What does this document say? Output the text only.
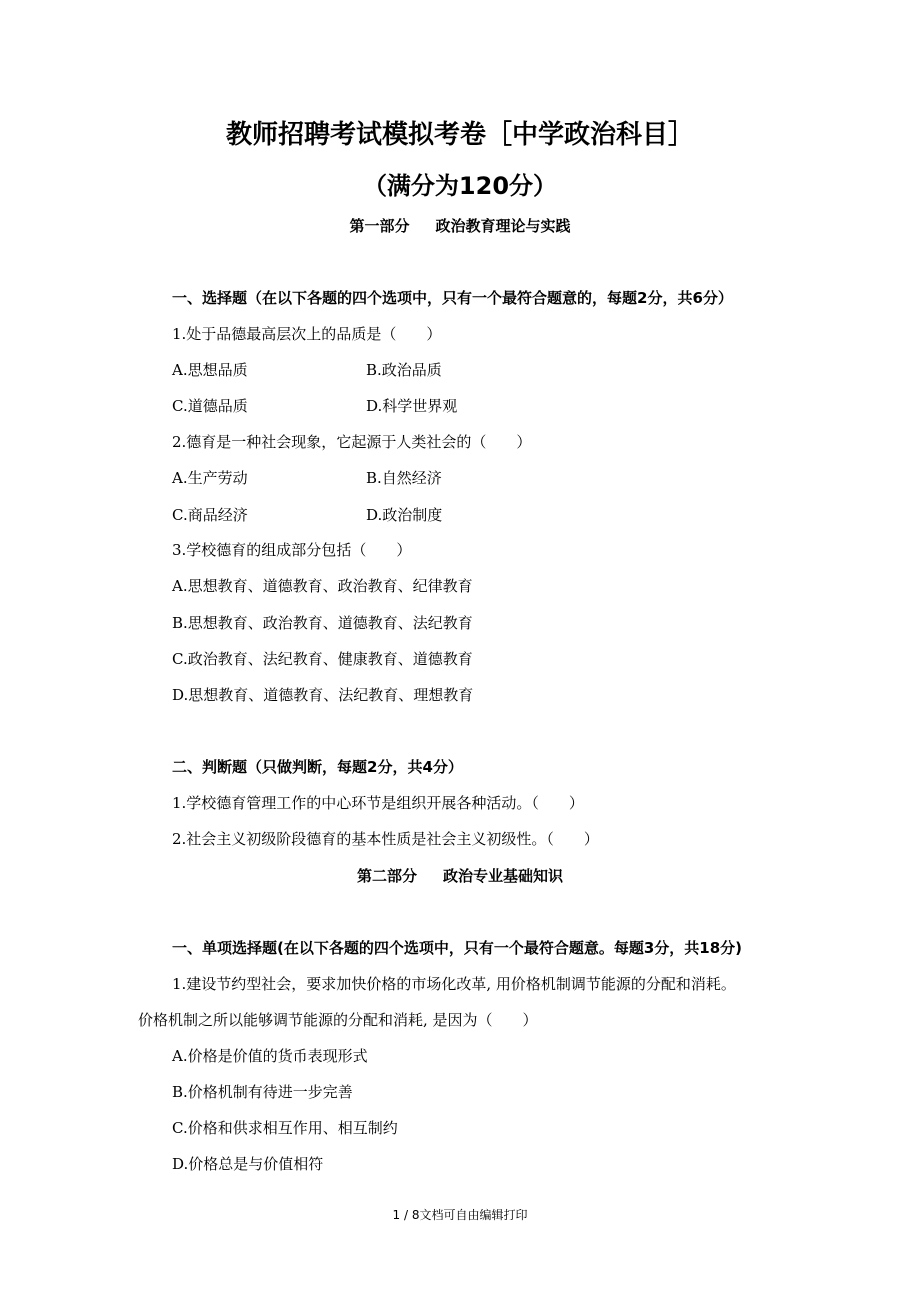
教师招聘考试模拟考卷［中学政治科目］
（满分为120分）
第一部分 政治教育理论与实践
一、选择题（在以下各题的四个选项中，只有一个最符合题意的，每题2分，共6分）
1.处于品德最高层次上的品质是（　　）
A.思想品质	B.政治品质
C.道德品质	D.科学世界观
2.德育是一种社会现象，它起源于人类社会的（　　）
A.生产劳动	B.自然经济
C.商品经济	D.政治制度
3.学校德育的组成部分包括（　　）
A.思想教育、道德教育、政治教育、纪律教育
B.思想教育、政治教育、道德教育、法纪教育
C.政治教育、法纪教育、健康教育、道德教育
D.思想教育、道德教育、法纪教育、理想教育
二、判断题（只做判断，每题2分，共4分）
1.学校德育管理工作的中心环节是组织开展各种活动。（　　）
2.社会主义初级阶段德育的基本性质是社会主义初级性。（　　）
第二部分 政治专业基础知识
一、单项选择题(在以下各题的四个选项中，只有一个最符合题意。每题3分，共18分)
1.建设节约型社会，要求加快价格的市场化改革, 用价格机制调节能源的分配和消耗。
价格机制之所以能够调节能源的分配和消耗, 是因为（　　）
A.价格是价值的货币表现形式
B.价格机制有待进一步完善
C.价格和供求相互作用、相互制约
D.价格总是与价值相符
1 / 8文档可自由编辑打印
